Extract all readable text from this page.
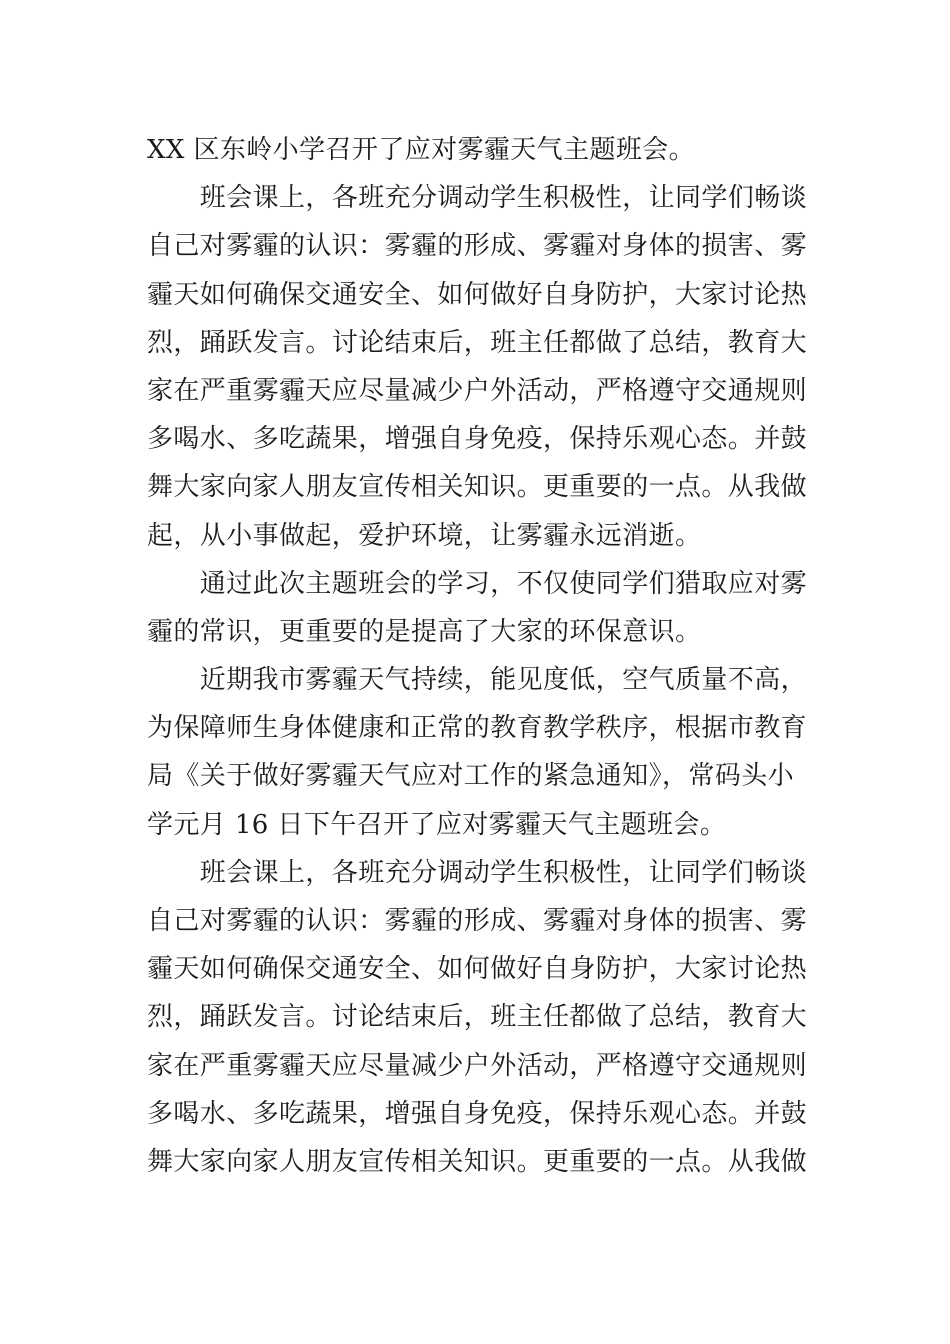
XX 区东岭小学召开了应对雾霾天气主题班会。
　　班会课上，各班充分调动学生积极性，让同学们畅谈
自己对雾霾的认识：雾霾的形成、雾霾对身体的损害、雾
霾天如何确保交通安全、如何做好自身防护，大家讨论热
烈，踊跃发言。讨论结束后，班主任都做了总结，教育大
家在严重雾霾天应尽量减少户外活动，严格遵守交通规则
多喝水、多吃蔬果，增强自身免疫，保持乐观心态。并鼓
舞大家向家人朋友宣传相关知识。更重要的一点。从我做
起，从小事做起，爱护环境，让雾霾永远消逝。
　　通过此次主题班会的学习，不仅使同学们猎取应对雾
霾的常识，更重要的是提高了大家的环保意识。
　　近期我市雾霾天气持续，能见度低，空气质量不高，
为保障师生身体健康和正常的教育教学秩序，根据市教育
局《关于做好雾霾天气应对工作的紧急通知》，常码头小
学元月 16 日下午召开了应对雾霾天气主题班会。
　　班会课上，各班充分调动学生积极性，让同学们畅谈
自己对雾霾的认识：雾霾的形成、雾霾对身体的损害、雾
霾天如何确保交通安全、如何做好自身防护，大家讨论热
烈，踊跃发言。讨论结束后，班主任都做了总结，教育大
家在严重雾霾天应尽量减少户外活动，严格遵守交通规则
多喝水、多吃蔬果，增强自身免疫，保持乐观心态。并鼓
舞大家向家人朋友宣传相关知识。更重要的一点。从我做
